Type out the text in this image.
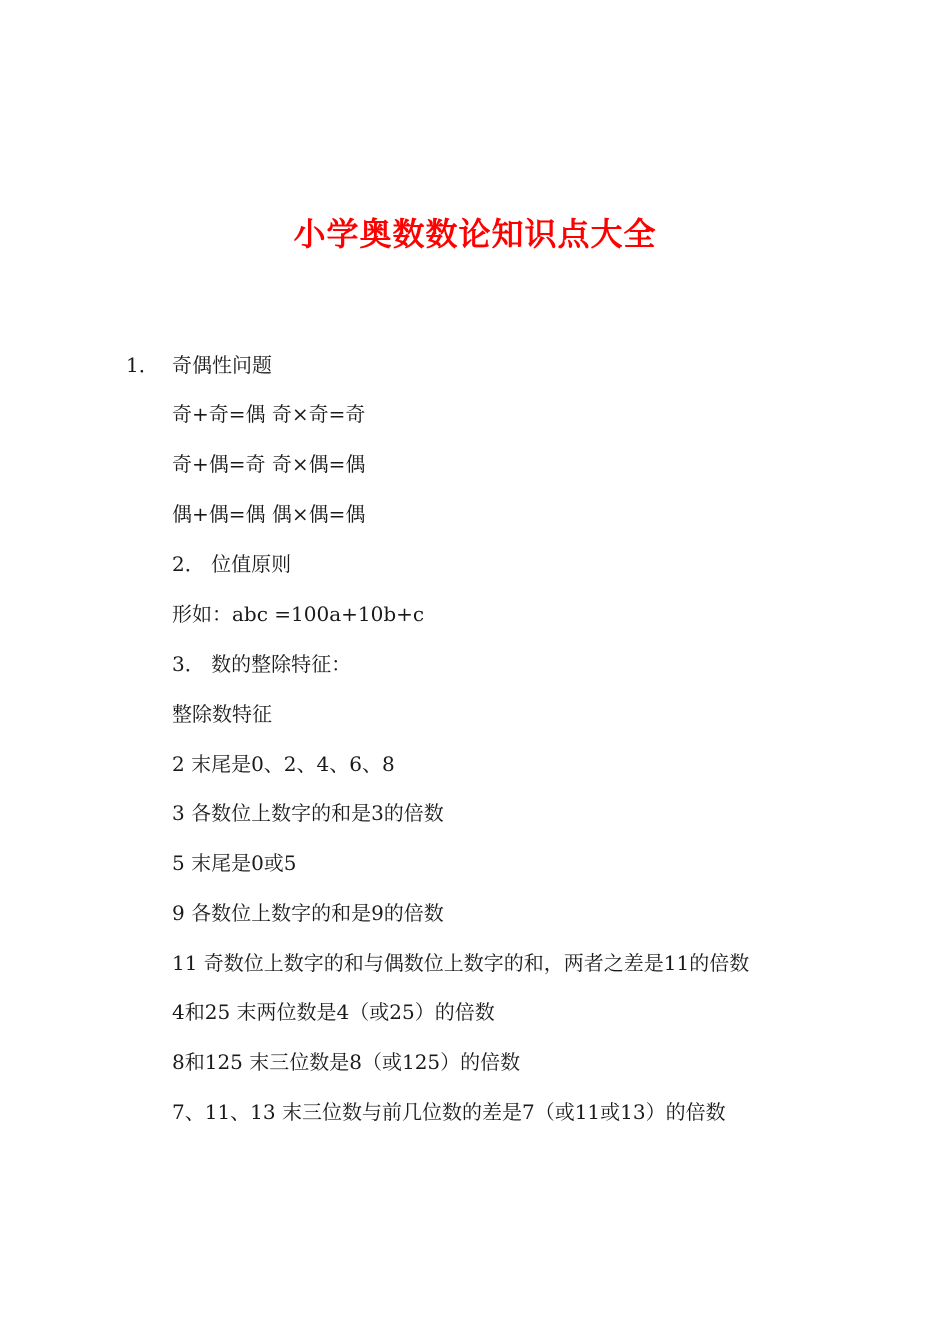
小学奥数数论知识点大全
1． 奇偶性问题
奇+奇=偶 奇×奇=奇
奇+偶=奇 奇×偶=偶
偶+偶=偶 偶×偶=偶
2． 位值原则
形如：abc =100a+10b+c
3． 数的整除特征：
整除数特征
2 末尾是0、2、4、6、8
3 各数位上数字的和是3的倍数
5 末尾是0或5
9 各数位上数字的和是9的倍数
11 奇数位上数字的和与偶数位上数字的和，两者之差是11的倍数
4和25 末两位数是4（或25）的倍数
8和125 末三位数是8（或125）的倍数
7、11、13 末三位数与前几位数的差是7（或11或13）的倍数
